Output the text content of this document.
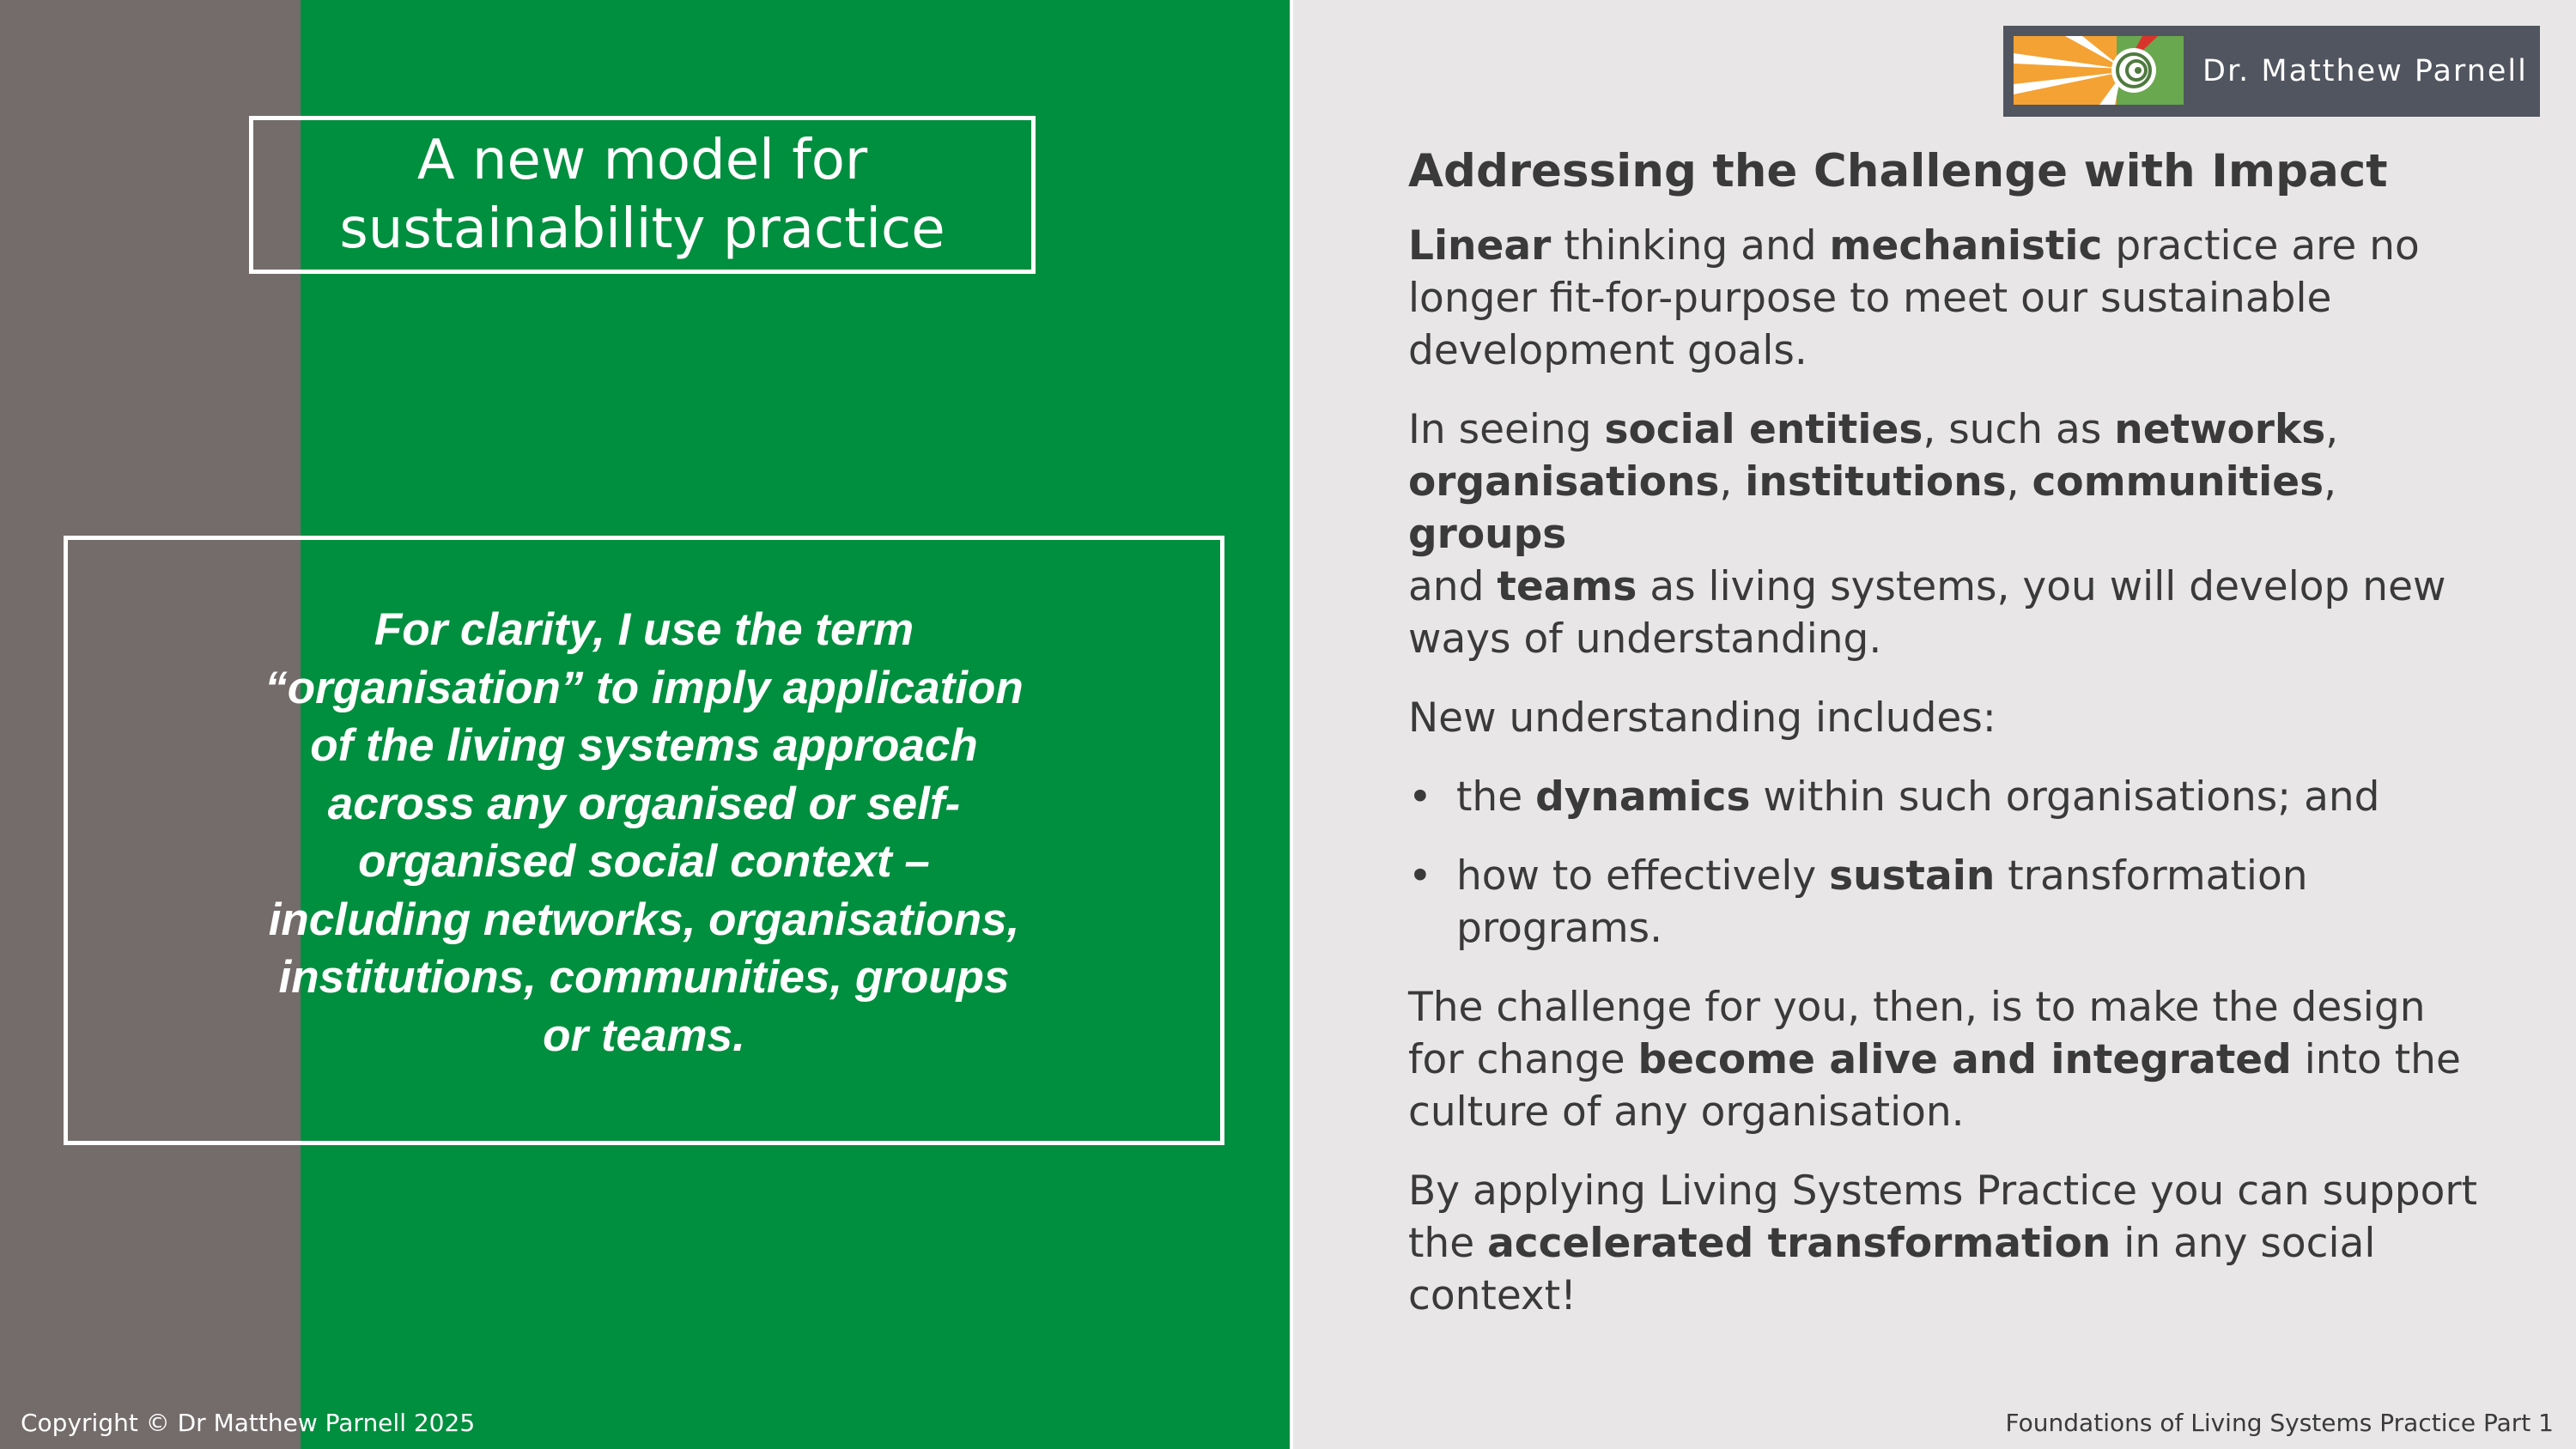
A new model for
sustainability practice
For clarity, I use the term
“organisation” to imply application
of the living systems approach
across any organised or self-
organised social context –
including networks, organisations,
institutions, communities, groups
or teams.
Dr. Matthew Parnell
Addressing the Challenge with Impact
Linear thinking and mechanistic practice are no
longer fit-for-purpose to meet our sustainable
development goals.
In seeing social entities, such as networks,
organisations, institutions, communities, groups
and teams as living systems, you will develop new
ways of understanding.
New understanding includes:
• the dynamics within such organisations; and
• how to effectively sustain transformation
programs.
The challenge for you, then, is to make the design
for change become alive and integrated into the
culture of any organisation.
By applying Living Systems Practice you can support
the accelerated transformation in any social
context!
Copyright © Dr Matthew Parnell 2025	Foundations of Living Systems Practice Part 1
